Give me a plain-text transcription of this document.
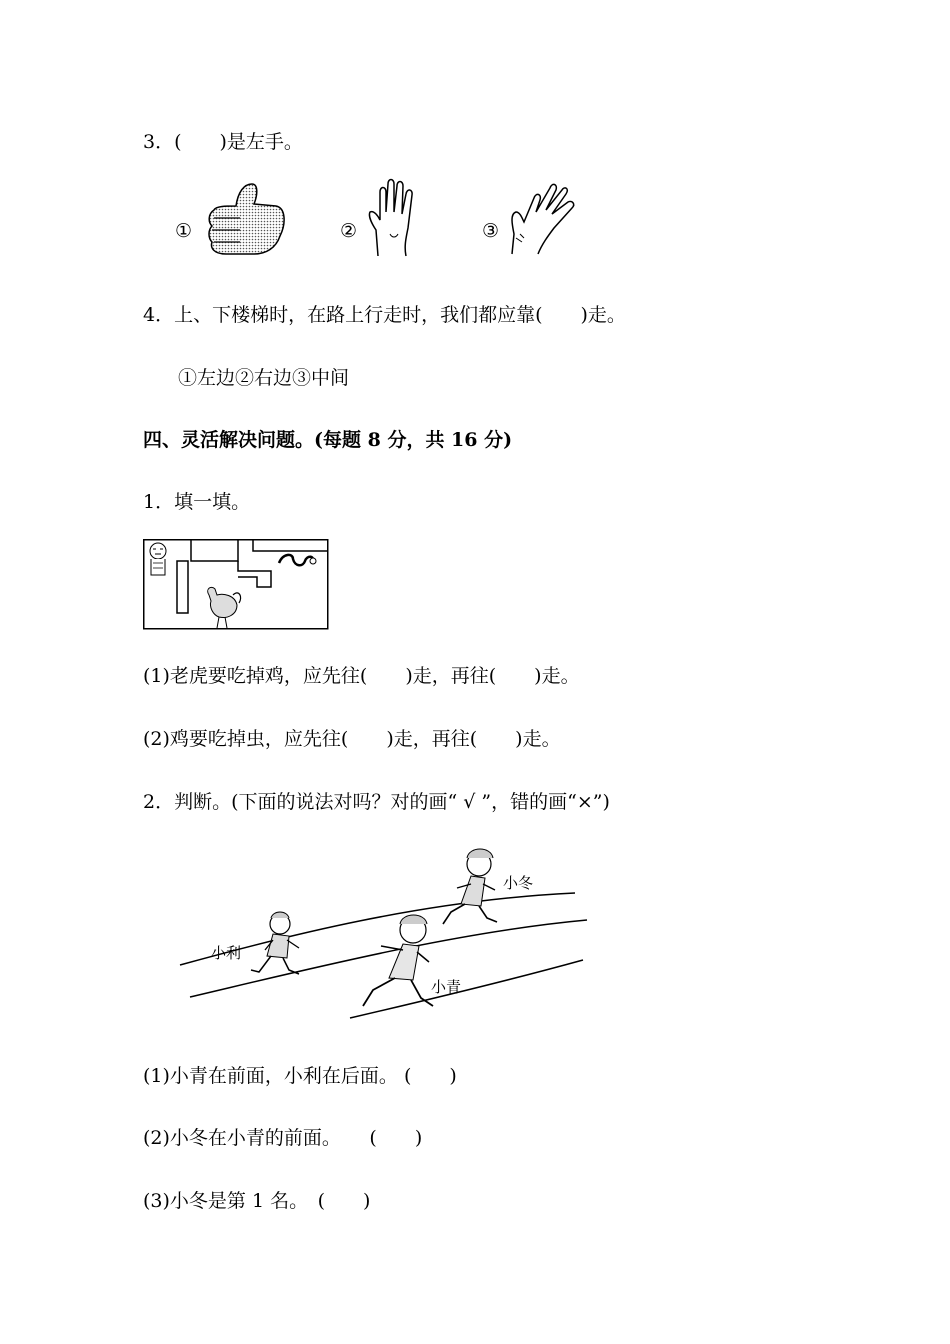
3．(　　)是左手。
①	②	③
4．上、下楼梯时，在路上行走时，我们都应靠(　　)走。
①左边②右边③中间
四、灵活解决问题。(每题 8 分，共 16 分)
1．填一填。
(1)老虎要吃掉鸡，应先往(　　)走，再往(　　)走。
(2)鸡要吃掉虫，应先往(　　)走，再往(　　)走。
2．判断。(下面的说法对吗？对的画“ √ ”，错的画“×”)
小利
小青
小冬
(1)小青在前面，小利在后面。 (　　)
(2)小冬在小青的前面。　　(　　)
(3)小冬是第 1 名。　(　　)
